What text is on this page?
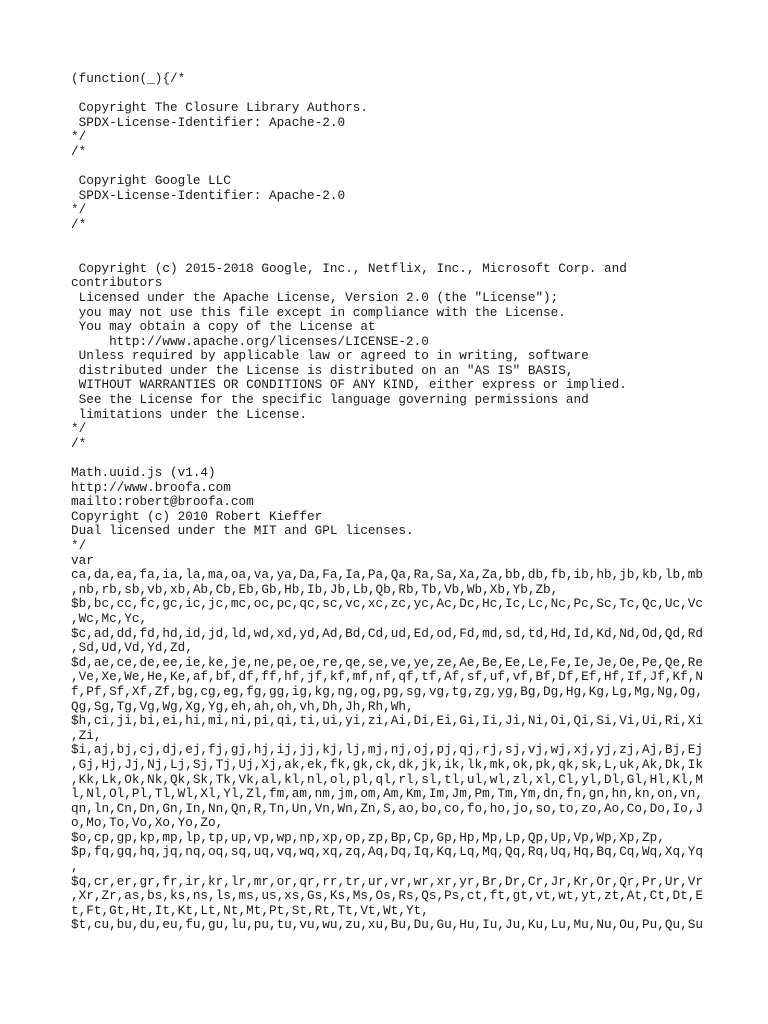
(function(_){/*
Copyright The Closure Library Authors.
SPDX-License-Identifier: Apache-2.0
*/
/*
Copyright Google LLC
SPDX-License-Identifier: Apache-2.0
*/
/*
Copyright (c) 2015-2018 Google, Inc., Netflix, Inc., Microsoft Corp. and
contributors
Licensed under the Apache License, Version 2.0 (the "License");
you may not use this file except in compliance with the License.
You may obtain a copy of the License at
http://www.apache.org/licenses/LICENSE-2.0
Unless required by applicable law or agreed to in writing, software
distributed under the License is distributed on an "AS IS" BASIS,
WITHOUT WARRANTIES OR CONDITIONS OF ANY KIND, either express or implied.
See the License for the specific language governing permissions and
limitations under the License.
*/
/*
Math.uuid.js (v1.4)
http://www.broofa.com
mailto:robert@broofa.com
Copyright (c) 2010 Robert Kieffer
Dual licensed under the MIT and GPL licenses.
*/
var
ca,da,ea,fa,ia,la,ma,oa,va,ya,Da,Fa,Ia,Pa,Qa,Ra,Sa,Xa,Za,bb,db,fb,ib,hb,jb,kb,lb,mb
,nb,rb,sb,vb,xb,Ab,Cb,Eb,Gb,Hb,Ib,Jb,Lb,Qb,Rb,Tb,Vb,Wb,Xb,Yb,Zb,
$b,bc,cc,fc,gc,ic,jc,mc,oc,pc,qc,sc,vc,xc,zc,yc,Ac,Dc,Hc,Ic,Lc,Nc,Pc,Sc,Tc,Qc,Uc,Vc
,Wc,Mc,Yc,
$c,ad,dd,fd,hd,id,jd,ld,wd,xd,yd,Ad,Bd,Cd,ud,Ed,od,Fd,md,sd,td,Hd,Id,Kd,Nd,Od,Qd,Rd
,Sd,Ud,Vd,Yd,Zd,
$d,ae,ce,de,ee,ie,ke,je,ne,pe,oe,re,qe,se,ve,ye,ze,Ae,Be,Ee,Le,Fe,Ie,Je,Oe,Pe,Qe,Re
,Ve,Xe,We,He,Ke,af,bf,df,ff,hf,jf,kf,mf,nf,qf,tf,Af,sf,uf,vf,Bf,Df,Ef,Hf,If,Jf,Kf,N
f,Pf,Sf,Xf,Zf,bg,cg,eg,fg,gg,ig,kg,ng,og,pg,sg,vg,tg,zg,yg,Bg,Dg,Hg,Kg,Lg,Mg,Ng,Og,
Qg,Sg,Tg,Vg,Wg,Xg,Yg,eh,ah,oh,vh,Dh,Jh,Rh,Wh,
$h,ci,ji,bi,ei,hi,mi,ni,pi,qi,ti,ui,yi,zi,Ai,Di,Ei,Gi,Ii,Ji,Ni,Oi,Qi,Si,Vi,Ui,Ri,Xi
,Zi,
$i,aj,bj,cj,dj,ej,fj,gj,hj,ij,jj,kj,lj,mj,nj,oj,pj,qj,rj,sj,vj,wj,xj,yj,zj,Aj,Bj,Ej
,Gj,Hj,Jj,Nj,Lj,Sj,Tj,Uj,Xj,ak,ek,fk,gk,ck,dk,jk,ik,lk,mk,ok,pk,qk,sk,L,uk,Ak,Dk,Ik
,Kk,Lk,Ok,Nk,Qk,Sk,Tk,Vk,al,kl,nl,ol,pl,ql,rl,sl,tl,ul,wl,zl,xl,Cl,yl,Dl,Gl,Hl,Kl,M
l,Nl,Ol,Pl,Tl,Wl,Xl,Yl,Zl,fm,am,nm,jm,om,Am,Km,Im,Jm,Pm,Tm,Ym,dn,fn,gn,hn,kn,on,vn,
qn,ln,Cn,Dn,Gn,In,Nn,Qn,R,Tn,Un,Vn,Wn,Zn,S,ao,bo,co,fo,ho,jo,so,to,zo,Ao,Co,Do,Io,J
o,Mo,To,Vo,Xo,Yo,Zo,
$o,cp,gp,kp,mp,lp,tp,up,vp,wp,np,xp,op,zp,Bp,Cp,Gp,Hp,Mp,Lp,Qp,Up,Vp,Wp,Xp,Zp,
$p,fq,gq,hq,jq,nq,oq,sq,uq,vq,wq,xq,zq,Aq,Dq,Iq,Kq,Lq,Mq,Qq,Rq,Uq,Hq,Bq,Cq,Wq,Xq,Yq
,
$q,cr,er,gr,fr,ir,kr,lr,mr,or,qr,rr,tr,ur,vr,wr,xr,yr,Br,Dr,Cr,Jr,Kr,Or,Qr,Pr,Ur,Vr
,Xr,Zr,as,bs,ks,ns,ls,ms,us,xs,Gs,Ks,Ms,Os,Rs,Qs,Ps,ct,ft,gt,vt,wt,yt,zt,At,Ct,Dt,E
t,Ft,Gt,Ht,It,Kt,Lt,Nt,Mt,Pt,St,Rt,Tt,Vt,Wt,Yt,
$t,cu,bu,du,eu,fu,gu,lu,pu,tu,vu,wu,zu,xu,Bu,Du,Gu,Hu,Iu,Ju,Ku,Lu,Mu,Nu,Ou,Pu,Qu,Su
